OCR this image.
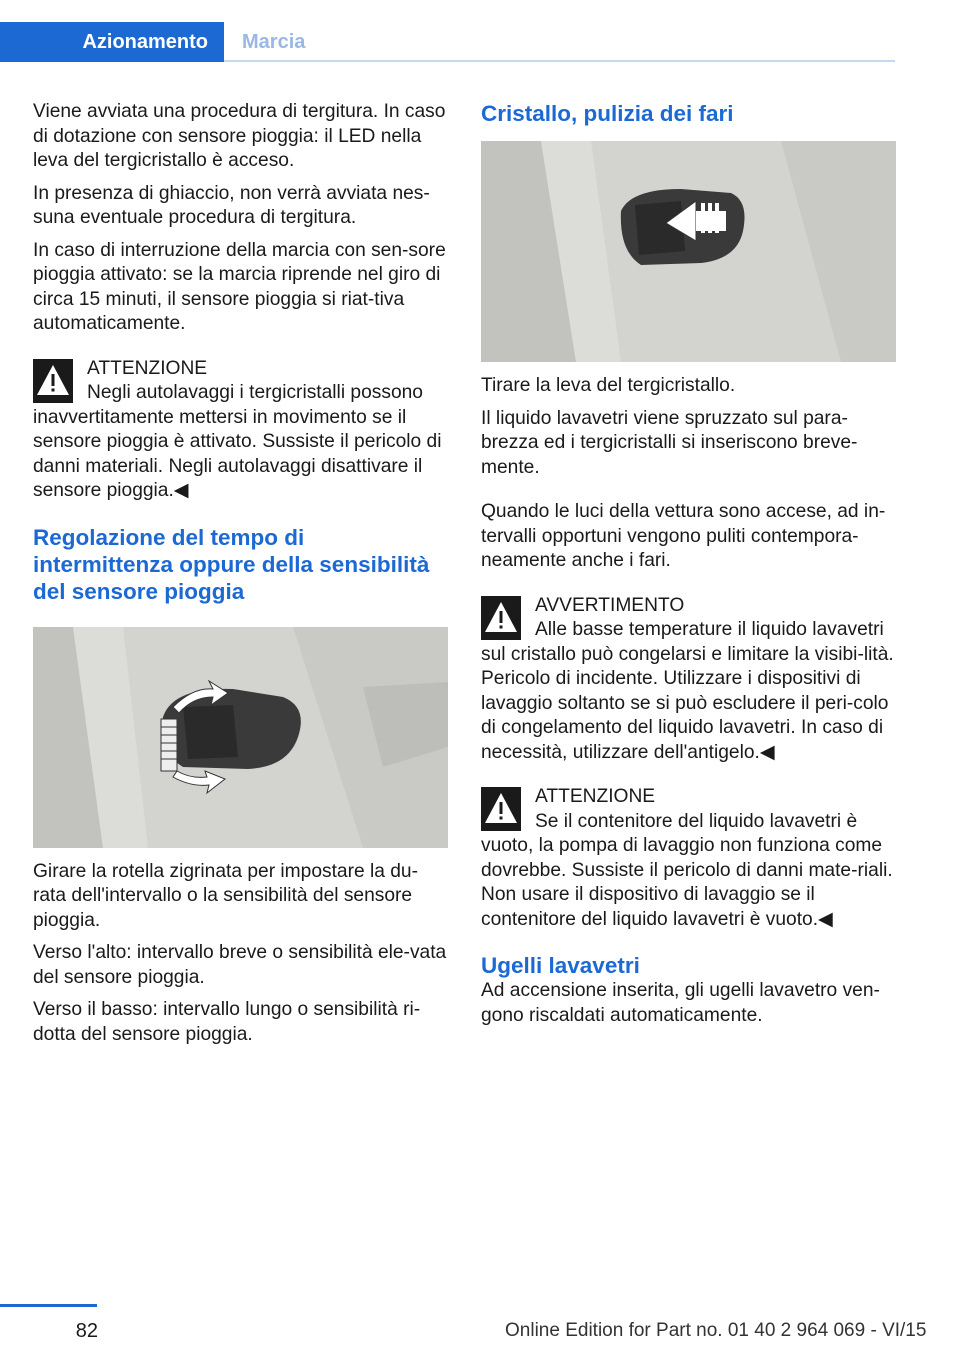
Azionamento	Marcia

Viene avviata una procedura di tergitura. In caso di dotazione con sensore pioggia: il LED nella leva del tergicristallo è acceso.

In presenza di ghiaccio, non verrà avviata nes‐suna eventuale procedura di tergitura.

In caso di interruzione della marcia con sen‐sore pioggia attivato: se la marcia riprende nel giro di circa 15 minuti, il sensore pioggia si riat‐tiva automaticamente.

ATTENZIONE
Negli autolavaggi i tergicristalli possono
inavvertitamente mettersi in movimento se il sensore pioggia è attivato. Sussiste il pericolo di danni materiali. Negli autolavaggi disattivare il sensore pioggia.◀
Regolazione del tempo di intermittenza oppure della sensibilità del sensore pioggia

Girare la rotella zigrinata per impostare la du‐rata dell'intervallo o la sensibilità del sensore pioggia.

Verso l'alto: intervallo breve o sensibilità ele‐vata del sensore pioggia.

Verso il basso: intervallo lungo o sensibilità ri‐dotta del sensore pioggia.

Cristallo, pulizia dei fari

Tirare la leva del tergicristallo.

Il liquido lavavetri viene spruzzato sul para‐brezza ed i tergicristalli si inseriscono breve‐mente.

Quando le luci della vettura sono accese, ad in‐tervalli opportuni vengono puliti contempora‐neamente anche i fari.

AVVERTIMENTO
Alle basse temperature il liquido lavavetri
sul cristallo può congelarsi e limitare la visibi‐lità. Pericolo di incidente. Utilizzare i dispositivi di lavaggio soltanto se si può escludere il peri‐colo di congelamento del liquido lavavetri. In caso di necessità, utilizzare dell'antigelo.◀
ATTENZIONE
Se il contenitore del liquido lavavetri è
vuoto, la pompa di lavaggio non funziona come dovrebbe. Sussiste il pericolo di danni mate‐riali. Non usare il dispositivo di lavaggio se il contenitore del liquido lavavetri è vuoto.◀
Ugelli lavavetri

Ad accensione inserita, gli ugelli lavavetro ven‐gono riscaldati automaticamente.

82	Online Edition for Part no. 01 40 2 964 069 - VI/15
